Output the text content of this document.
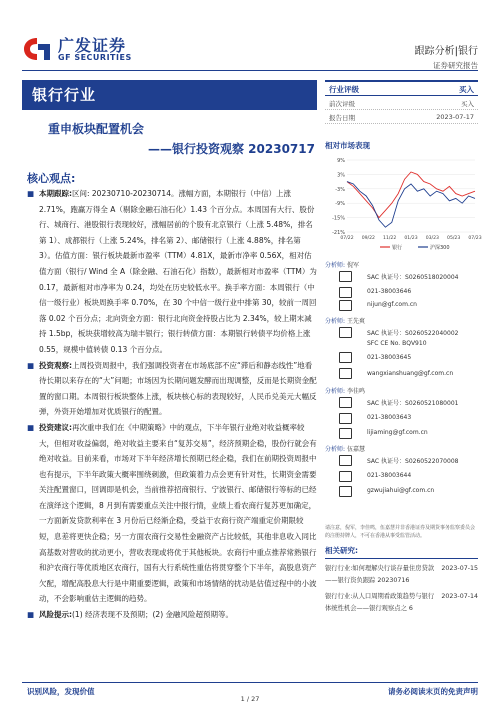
广发证券
GF SECURITIES
跟踪分析|银行
证券研究报告
银行行业
重申板块配置机会
——银行投资观察 20230717
核心观点:
■ 本期跟踪:区间: 20230710-20230714。涨幅方面，本期银行（中信）上涨 2.71%，跑赢万得全 A（剔除金融石油石化）1.43 个百分点。本周国有大行、股份行、城商行、港股银行表现较好，涨幅居前的个股有北京银行（上涨 5.48%，排名第 1）、成都银行（上涨 5.24%，排名第 2）、邮储银行（上涨 4.88%，排名第 3）。估值方面：银行板块最新市盈率（TTM）4.81X，最新市净率 0.56X，相对估值方面（银行/ Wind 全 A（除金融、石油石化）指数），最新相对市盈率（TTM）为 0.17，最新相对市净率为 0.24，均处在历史较低水平。换手率方面：本周银行（中信一级行业）板块周换手率 0.70%，在 30 个中信一级行业中排第 30，较前一周回落 0.02 个百分点；北向资金方面：银行北向资金持股占比为 2.34%，较上期末减持 1.5bp，板块获增较高为瑞丰银行；银行转债方面：本期银行转债平均价格上涨 0.55，规模中值转债 0.13 个百分点。
■ 投资观察:上周投资周报中，我们强调投资者在市场底部不应“滞后和静态线性”地看待长期以来存在的“大”问题；市场因为长期问题发酵而出现调整，反而是长期资金配置的窗口期。本周银行板块整体上涨，板块核心标的表现较好，人民币兑美元大幅反弹，外资开始增加对优质银行的配置。
■ 投资建议:再次重申我们在《中期策略》中的观点，下半年银行业绝对收益概率较大，但相对收益偏弱，绝对收益主要来自“复苏交易”，经济预期企稳，股份行就会有绝对收益。目前来看，市场对下半年经济增长预期已经企稳，我们在前期投资周报中也有提示，下半年政策大概率围绕刺激，但政策着力点会更有针对性，长期资金需要关注配置窗口，回调即是机会，当前推荐招商银行、宁波银行、邮储银行等标的已经在演绎这个逻辑，8 月到有需要重点关注中报行情，业绩上看农商行复苏更加确定，一方面新发贷款利率在 3 月份后已经渐企稳，受益于农商行资产端重定价期限较短，息差将更快企稳；另一方面农商行交易性金融资产占比较低，其他非息收入同比高基数对营收的扰动更小，营收表现或将优于其他板块。农商行中重点推荐常熟银行和沪农商行等优质地区农商行，国有大行系统性重估将贯穿整个下半年，高股息资产欠配，增配高股息大行是中期重要逻辑，政策和市场情绪的扰动是估值过程中的小波动，不会影响重估主逻辑的趋势。
■ 风险提示:(1) 经济表现不及预期；(2) 金融风险超预期等。
行业评级	买入
前次评级	买入
报告日期	2023-07-17
相对市场表现
9%
3%
-3%
-9%
-15%
-21%
07/22 09/22 11/22 01/23 03/23 05/23 07/23
银行	沪深300
分析师: 倪军
SAC 执证号：S0260518020004
021-38003646
nijun@gf.com.cn
分析师: 王先爽
SAC 执证号：S0260522040002
SFC CE No. BQV910
021-38003645
wangxianshuang@gf.com.cn
分析师: 李佳鸣
SAC 执证号：S0260521080001
021-38003643
lijiaming@gf.com.cn
分析师: 伍嘉慧
SAC 执证号：S0260522070008
021-38003644
gzwujiahui@gf.com.cn
请注意，倪军，李佳鸣，伍嘉慧并非香港证券及期货事务监察委员会的注册持牌人，不可在香港从事受监管活动。
相关研究:
银行行业:如何理解央行谈存量住房贷款——银行资负跟踪 20230716
2023-07-15
银行行业:从人口周期看政策趋势与银行体统性机会——银行观察点之 6
2023-07-14
识别风险，发现价值	请务必阅读末页的免责声明
1 / 27
